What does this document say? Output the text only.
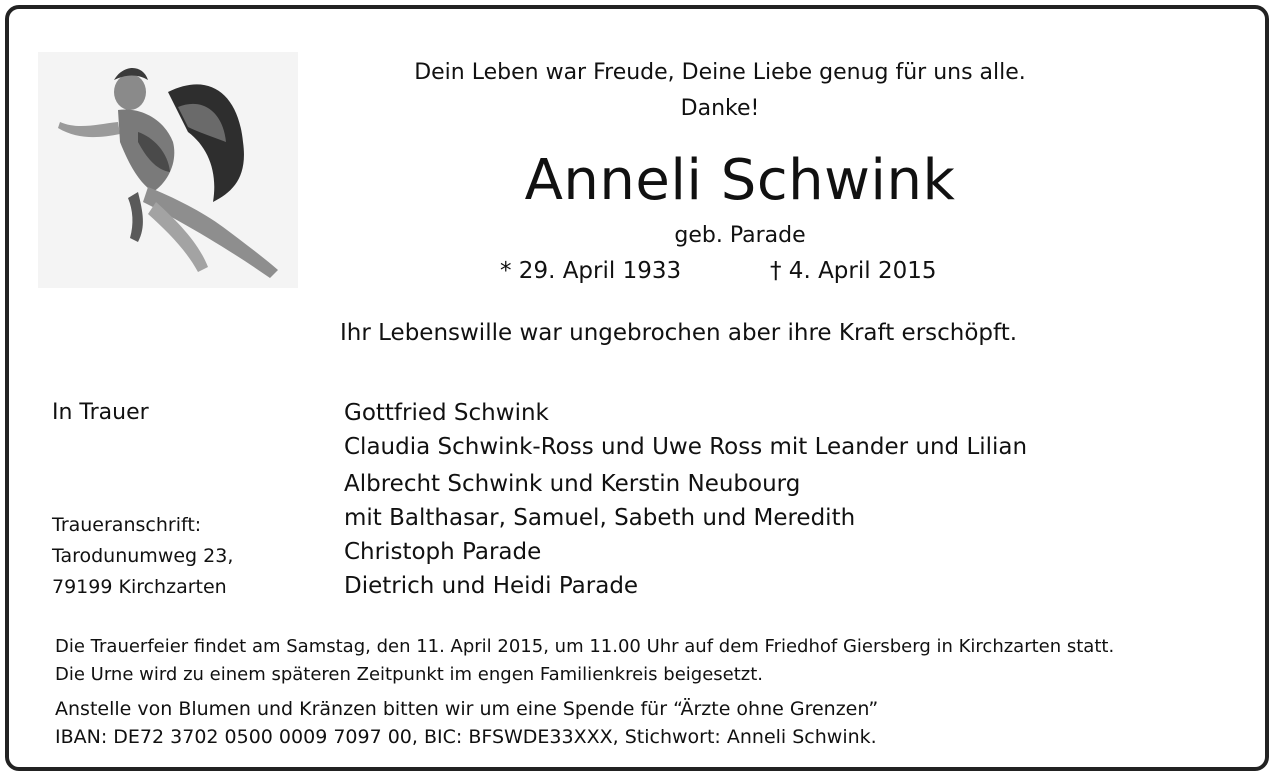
Dein Leben war Freude, Deine Liebe genug für uns alle.
Danke!
Anneli Schwink
geb. Parade
* 29. April 1933	† 4. April 2015
Ihr Lebenswille war ungebrochen aber ihre Kraft erschöpft.
In Trauer	Gottfried Schwink
Claudia Schwink-Ross und Uwe Ross mit Leander und Lilian
Albrecht Schwink und Kerstin Neubourg
mit Balthasar, Samuel, Sabeth und Meredith
Christoph Parade
Dietrich und Heidi Parade
Traueranschrift:
Tarodunumweg 23,
79199 Kirchzarten
Die Trauerfeier findet am Samstag, den 11. April 2015, um 11.00 Uhr auf dem Friedhof Giersberg in Kirchzarten statt.
Die Urne wird zu einem späteren Zeitpunkt im engen Familienkreis beigesetzt.
Anstelle von Blumen und Kränzen bitten wir um eine Spende für “Ärzte ohne Grenzen”
IBAN: DE72 3702 0500 0009 7097 00, BIC: BFSWDE33XXX, Stichwort: Anneli Schwink.
